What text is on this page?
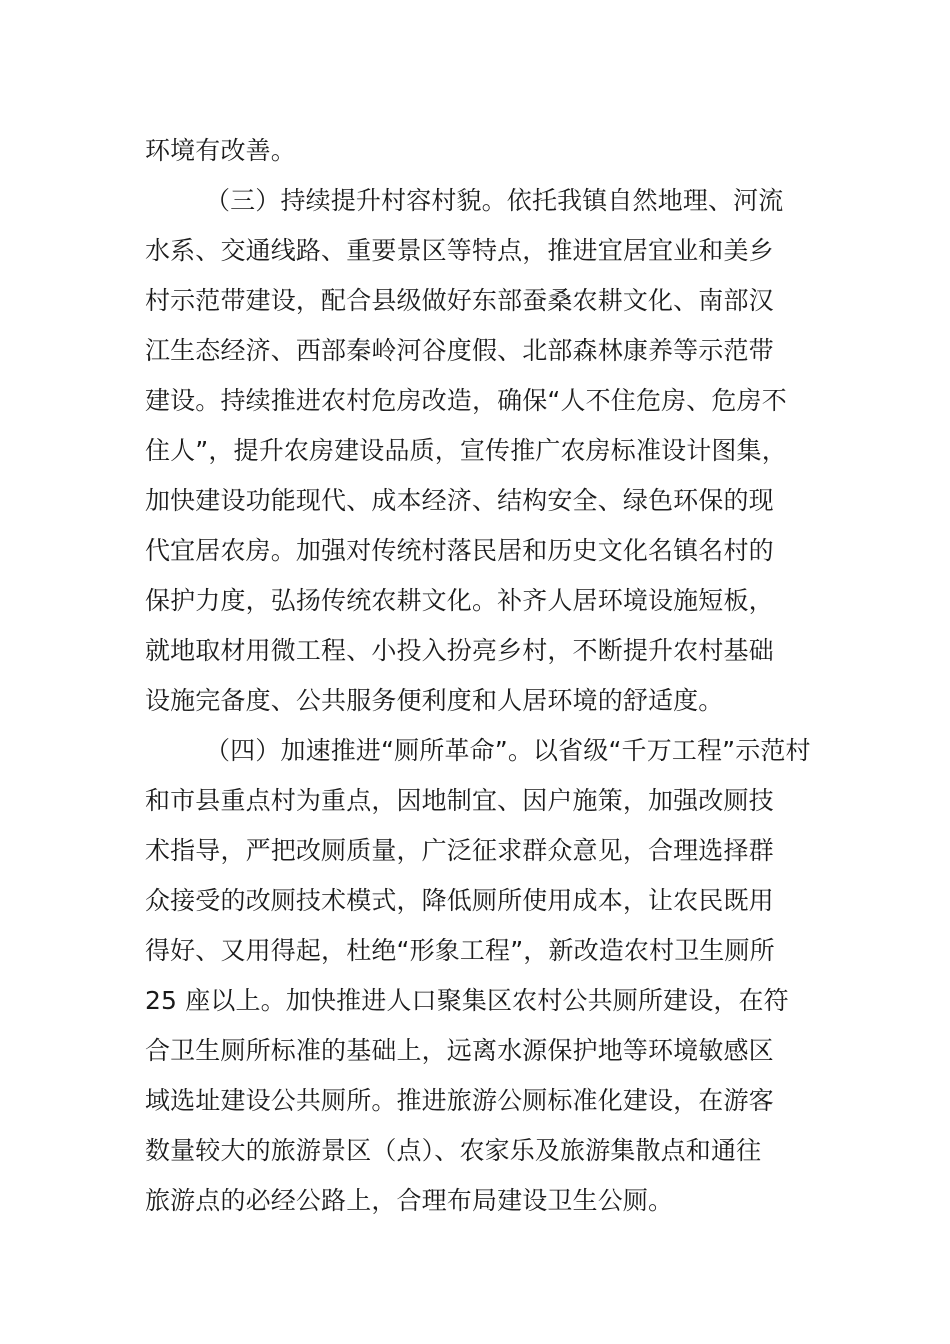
环境有改善。
（三）持续提升村容村貌。依托我镇自然地理、河流
水系、交通线路、重要景区等特点，推进宜居宜业和美乡
村示范带建设，配合县级做好东部蚕桑农耕文化、南部汉
江生态经济、西部秦岭河谷度假、北部森林康养等示范带
建设。持续推进农村危房改造，确保“人不住危房、危房不
住人”，提升农房建设品质，宣传推广农房标准设计图集，
加快建设功能现代、成本经济、结构安全、绿色环保的现
代宜居农房。加强对传统村落民居和历史文化名镇名村的
保护力度，弘扬传统农耕文化。补齐人居环境设施短板，
就地取材用微工程、小投入扮亮乡村，不断提升农村基础
设施完备度、公共服务便利度和人居环境的舒适度。
（四）加速推进“厕所革命”。以省级“千万工程”示范村
和市县重点村为重点，因地制宜、因户施策，加强改厕技
术指导，严把改厕质量，广泛征求群众意见，合理选择群
众接受的改厕技术模式，降低厕所使用成本，让农民既用
得好、又用得起，杜绝“形象工程”，新改造农村卫生厕所
25 座以上。加快推进人口聚集区农村公共厕所建设，在符
合卫生厕所标准的基础上，远离水源保护地等环境敏感区
域选址建设公共厕所。推进旅游公厕标准化建设，在游客
数量较大的旅游景区（点）、农家乐及旅游集散点和通往
旅游点的必经公路上，合理布局建设卫生公厕。
